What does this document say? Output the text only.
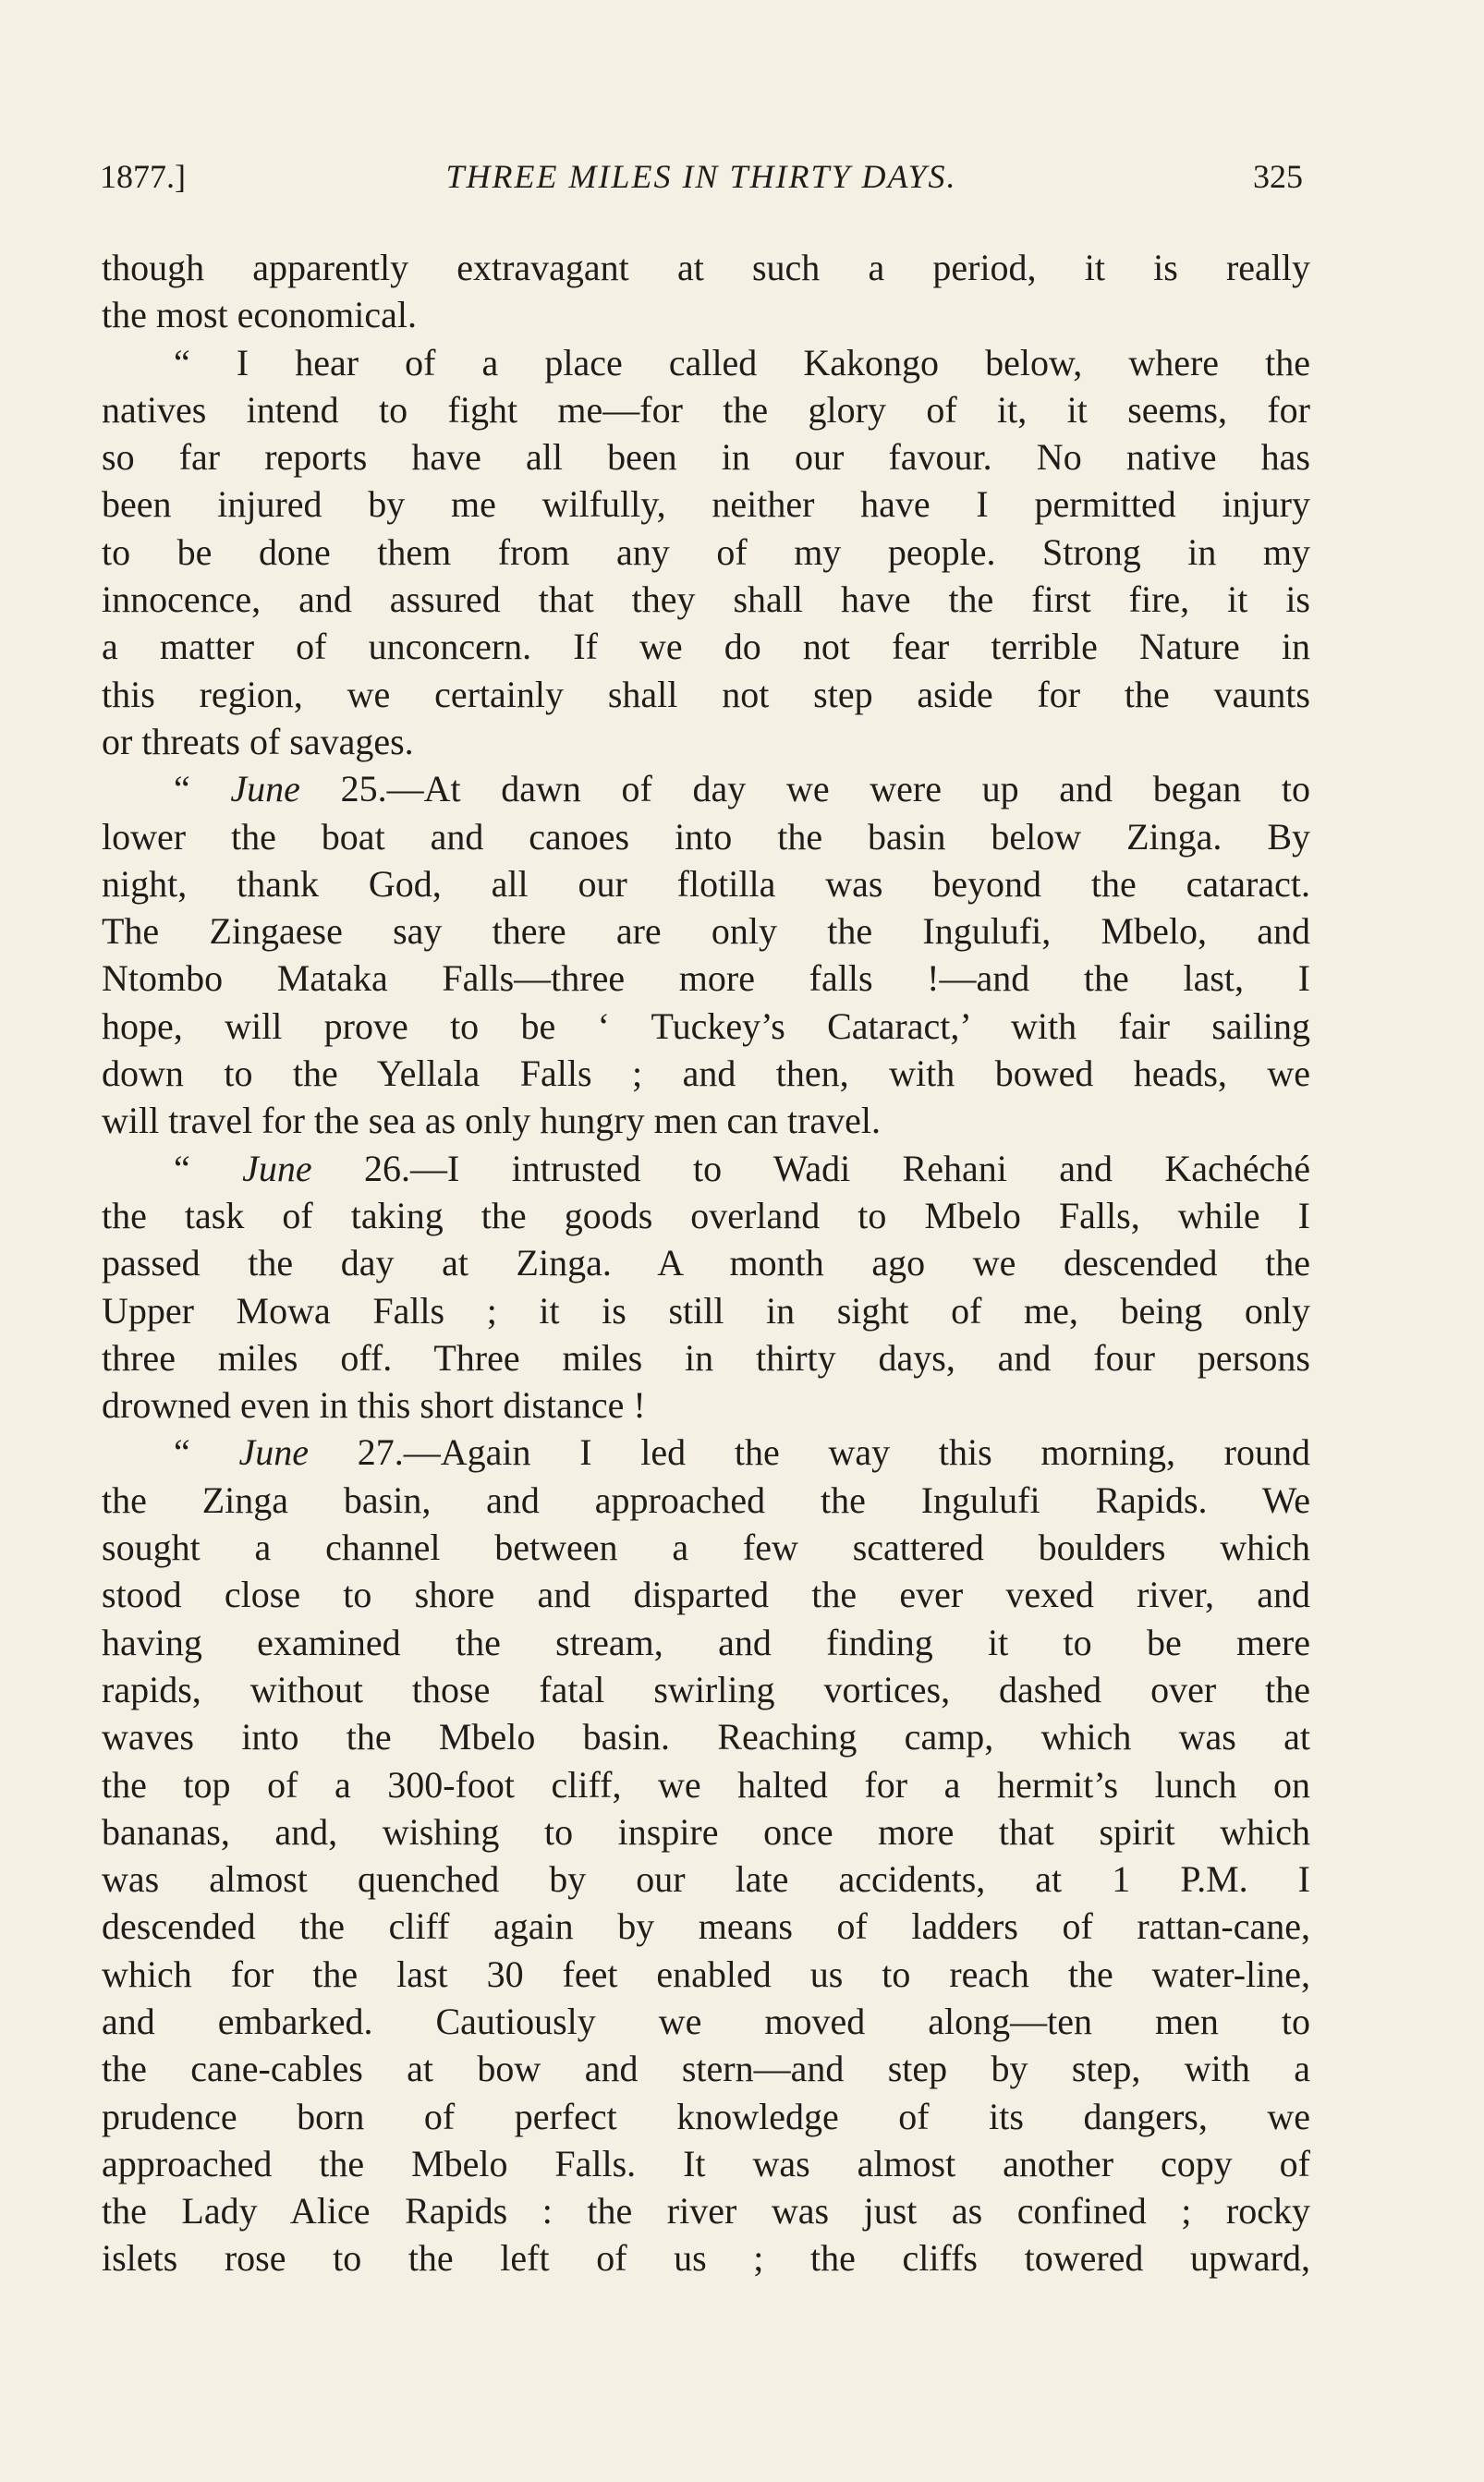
1877.]	THREE MILES IN THIRTY DAYS.	325
though apparently extravagant at such a period, it is really
the most economical.
“ I hear of a place called Kakongo below, where the
natives intend to fight me—for the glory of it, it seems, for
so far reports have all been in our favour. No native has
been injured by me wilfully, neither have I permitted injury
to be done them from any of my people. Strong in my
innocence, and assured that they shall have the first fire, it is
a matter of unconcern. If we do not fear terrible Nature in
this region, we certainly shall not step aside for the vaunts
or threats of savages.
“ June 25.—At dawn of day we were up and began to
lower the boat and canoes into the basin below Zinga. By
night, thank God, all our flotilla was beyond the cataract.
The Zingaese say there are only the Ingulufi, Mbelo, and
Ntombo Mataka Falls—three more falls !—and the last, I
hope, will prove to be ‘ Tuckey’s Cataract,’ with fair sailing
down to the Yellala Falls ; and then, with bowed heads, we
will travel for the sea as only hungry men can travel.
“ June 26.—I intrusted to Wadi Rehani and Kachéché
the task of taking the goods overland to Mbelo Falls, while I
passed the day at Zinga. A month ago we descended the
Upper Mowa Falls ; it is still in sight of me, being only
three miles off. Three miles in thirty days, and four persons
drowned even in this short distance !
“ June 27.—Again I led the way this morning, round
the Zinga basin, and approached the Ingulufi Rapids. We
sought a channel between a few scattered boulders which
stood close to shore and disparted the ever vexed river, and
having examined the stream, and finding it to be mere
rapids, without those fatal swirling vortices, dashed over the
waves into the Mbelo basin. Reaching camp, which was at
the top of a 300-foot cliff, we halted for a hermit’s lunch on
bananas, and, wishing to inspire once more that spirit which
was almost quenched by our late accidents, at 1 P.M. I
descended the cliff again by means of ladders of rattan-cane,
which for the last 30 feet enabled us to reach the water-line,
and embarked. Cautiously we moved along—ten men to
the cane-cables at bow and stern—and step by step, with a
prudence born of perfect knowledge of its dangers, we
approached the Mbelo Falls. It was almost another copy of
the Lady Alice Rapids : the river was just as confined ; rocky
islets rose to the left of us ; the cliffs towered upward,
